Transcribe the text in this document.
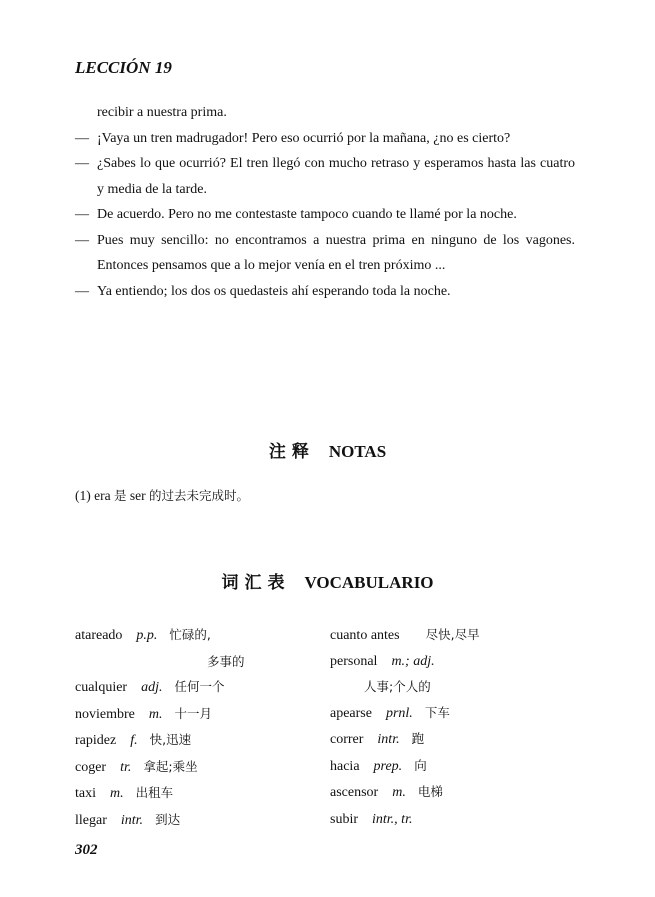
LECCIÓN 19
recibir a nuestra prima.
— ¡Vaya un tren madrugador! Pero eso ocurrió por la mañana, ¿no es cierto?
— ¿Sabes lo que ocurrió? El tren llegó con mucho retraso y esperamos hasta las cuatro y media de la tarde.
— De acuerdo. Pero no me contestaste tampoco cuando te llamé por la noche.
— Pues muy sencillo: no encontramos a nuestra prima en ninguno de los vagones. Entonces pensamos que a lo mejor venía en el tren próximo ...
— Ya entiendo; los dos os quedasteis ahí esperando toda la noche.
注释 NOTAS
(1) era 是 ser 的过去未完成时。
词汇表 VOCABULARIO
atareado p.p. 忙碌的,
多事的
cualquier adj. 任何一个
noviembre m. 十一月
rapidez f. 快,迅速
coger tr. 拿起;乘坐
taxi m. 出租车
llegar intr. 到达
cuanto antes 尽快,尽早
personal m.; adj.
人事;个人的
apearse prnl. 下车
correr intr. 跑
hacia prep. 向
ascensor m. 电梯
subir intr., tr.
302
